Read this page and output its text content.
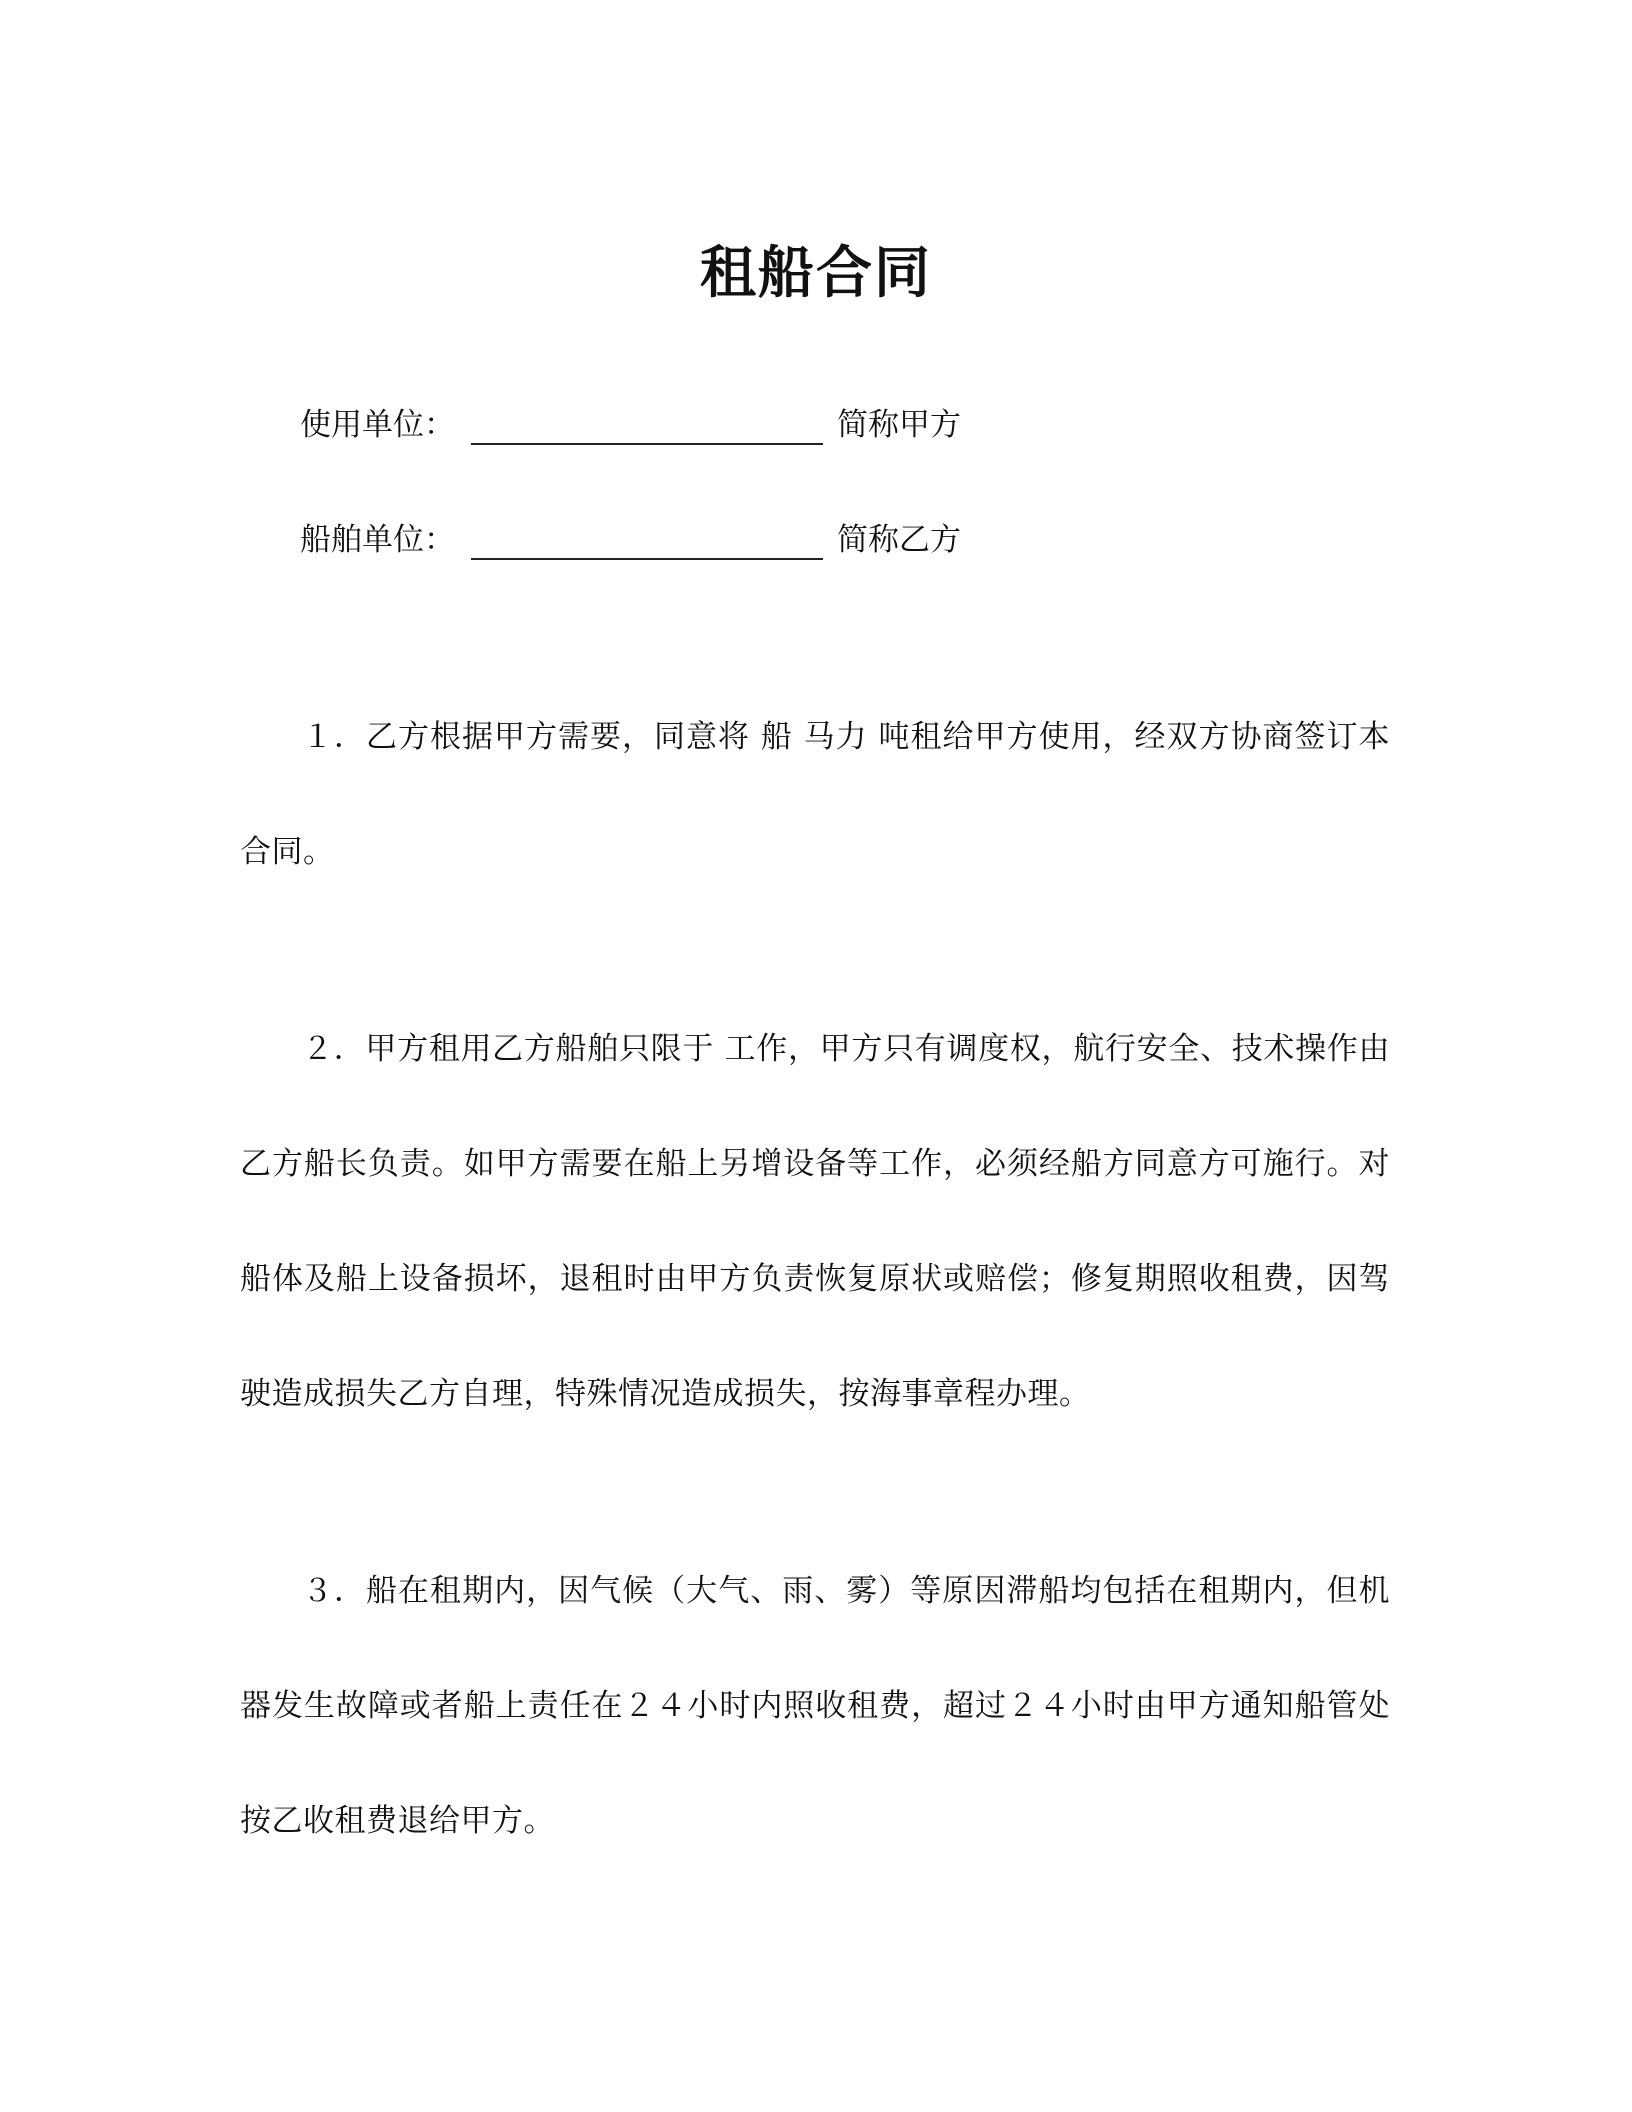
租船合同
使用单位：	简称甲方
船舶单位：	简称乙方

１．乙方根据甲方需要，同意将 船 马力 吨租给甲方使用，经双方协商签订本合同。

２．甲方租用乙方船舶只限于 工作，甲方只有调度权，航行安全、技术操作由乙方船长负责。如甲方需要在船上另增设备等工作，必须经船方同意方可施行。对船体及船上设备损坏，退租时由甲方负责恢复原状或赔偿；修复期照收租费，因驾驶造成损失乙方自理，特殊情况造成损失，按海事章程办理。

３．船在租期内，因气候（大气、雨、雾）等原因滞船均包括在租期内，但机器发生故障或者船上责任在２４小时内照收租费，超过２４小时由甲方通知船管处按乙收租费退给甲方。
